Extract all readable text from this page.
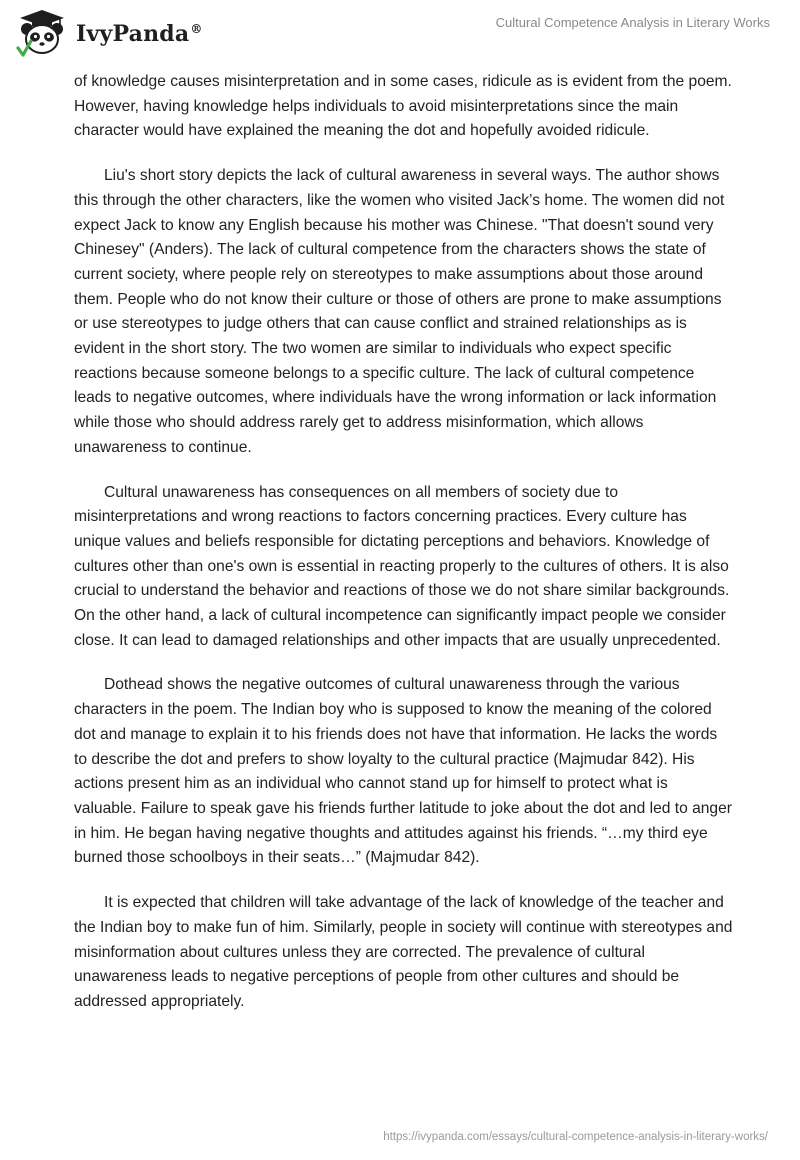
IvyPanda®	Cultural Competence Analysis in Literary Works

of knowledge causes misinterpretation and in some cases, ridicule as is evident from the poem. However, having knowledge helps individuals to avoid misinterpretations since the main character would have explained the meaning the dot and hopefully avoided ridicule.

Liu's short story depicts the lack of cultural awareness in several ways. The author shows this through the other characters, like the women who visited Jack’s home. The women did not expect Jack to know any English because his mother was Chinese. "That doesn't sound very Chinesey" (Anders). The lack of cultural competence from the characters shows the state of current society, where people rely on stereotypes to make assumptions about those around them. People who do not know their culture or those of others are prone to make assumptions or use stereotypes to judge others that can cause conflict and strained relationships as is evident in the short story. The two women are similar to individuals who expect specific reactions because someone belongs to a specific culture. The lack of cultural competence leads to negative outcomes, where individuals have the wrong information or lack information while those who should address rarely get to address misinformation, which allows unawareness to continue.

Cultural unawareness has consequences on all members of society due to misinterpretations and wrong reactions to factors concerning practices. Every culture has unique values and beliefs responsible for dictating perceptions and behaviors. Knowledge of cultures other than one's own is essential in reacting properly to the cultures of others. It is also crucial to understand the behavior and reactions of those we do not share similar backgrounds. On the other hand, a lack of cultural incompetence can significantly impact people we consider close. It can lead to damaged relationships and other impacts that are usually unprecedented.

Dothead shows the negative outcomes of cultural unawareness through the various characters in the poem. The Indian boy who is supposed to know the meaning of the colored dot and manage to explain it to his friends does not have that information. He lacks the words to describe the dot and prefers to show loyalty to the cultural practice (Majmudar 842). His actions present him as an individual who cannot stand up for himself to protect what is valuable. Failure to speak gave his friends further latitude to joke about the dot and led to anger in him. He began having negative thoughts and attitudes against his friends. “…my third eye burned those schoolboys in their seats…” (Majmudar 842).

It is expected that children will take advantage of the lack of knowledge of the teacher and the Indian boy to make fun of him. Similarly, people in society will continue with stereotypes and misinformation about cultures unless they are corrected. The prevalence of cultural unawareness leads to negative perceptions of people from other cultures and should be addressed appropriately.

https://ivypanda.com/essays/cultural-competence-analysis-in-literary-works/
